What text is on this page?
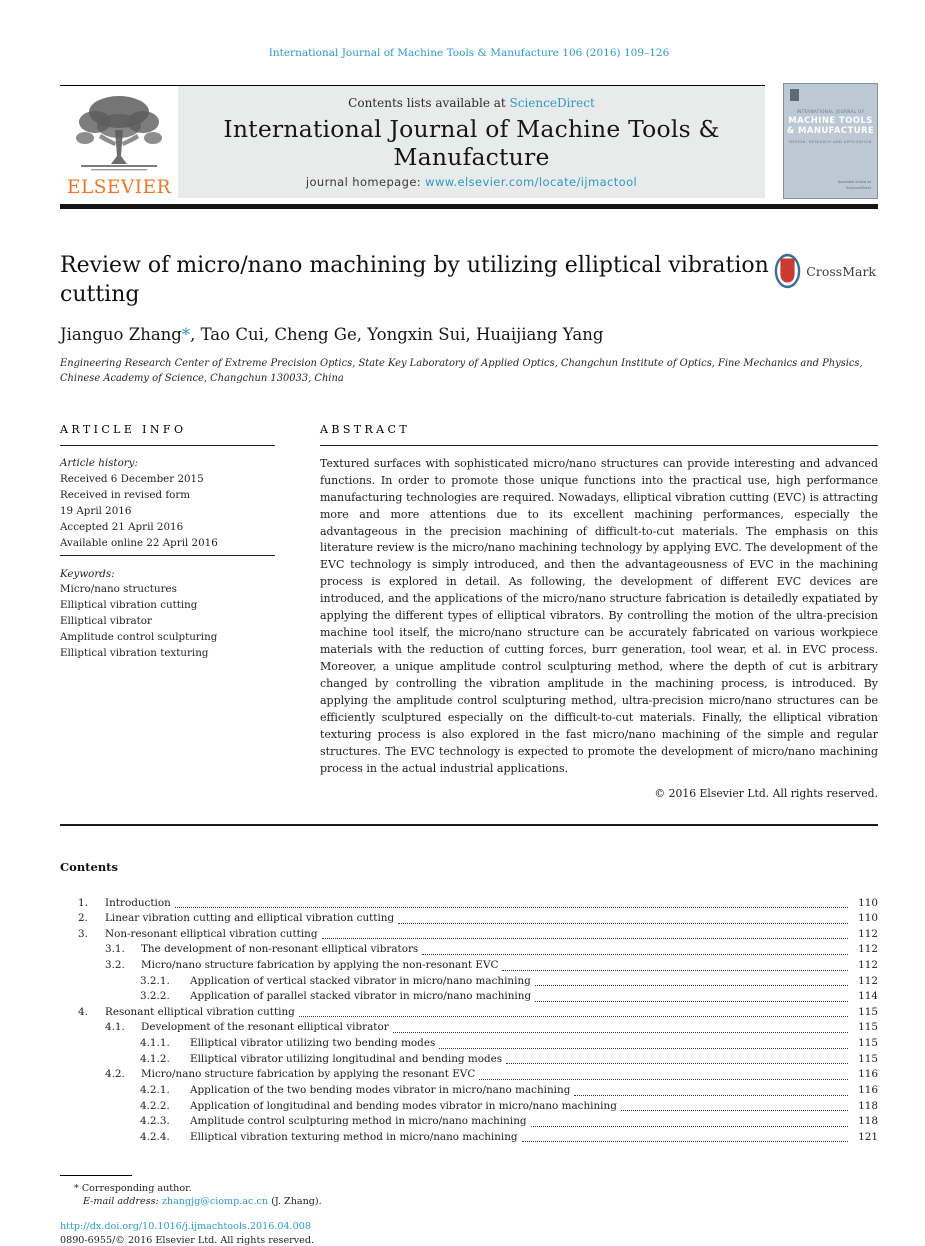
International Journal of Machine Tools & Manufacture 106 (2016) 109–126
ELSEVIER
Contents lists available at ScienceDirect
International Journal of Machine Tools & Manufacture
journal homepage: www.elsevier.com/locate/ijmactool
INTERNATIONAL JOURNAL OF
MACHINE TOOLS
& MANUFACTURE
DESIGN, RESEARCH AND APPLICATION
Available online at
ScienceDirect
Review of micro/nano machining by utilizing elliptical vibration cutting
CrossMark
Jianguo Zhang*, Tao Cui, Cheng Ge, Yongxin Sui, Huaijiang Yang
Engineering Research Center of Extreme Precision Optics, State Key Laboratory of Applied Optics, Changchun Institute of Optics, Fine Mechanics and Physics,
Chinese Academy of Science, Changchun 130033, China
ARTICLE INFO
Article history:
Received 6 December 2015
Received in revised form
19 April 2016
Accepted 21 April 2016
Available online 22 April 2016
Keywords:
Micro/nano structures
Elliptical vibration cutting
Elliptical vibrator
Amplitude control sculpturing
Elliptical vibration texturing
ABSTRACT
Textured surfaces with sophisticated micro/nano structures can provide interesting and advanced functions. In order to promote those unique functions into the practical use, high performance manufacturing technologies are required. Nowadays, elliptical vibration cutting (EVC) is attracting more and more attentions due to its excellent machining performances, especially the advantageous in the precision machining of difficult-to-cut materials. The emphasis on this literature review is the micro/nano machining technology by applying EVC. The development of the EVC technology is simply introduced, and then the advantageousness of EVC in the machining process is explored in detail. As following, the development of different EVC devices are introduced, and the applications of the micro/nano structure fabrication is detailedly expatiated by applying the different types of elliptical vibrators. By controlling the motion of the ultra-precision machine tool itself, the micro/nano structure can be accurately fabricated on various workpiece materials with the reduction of cutting forces, burr generation, tool wear, et al. in EVC process. Moreover, a unique amplitude control sculpturing method, where the depth of cut is arbitrary changed by controlling the vibration amplitude in the machining process, is introduced. By applying the amplitude control sculpturing method, ultra-precision micro/nano structures can be efficiently sculptured especially on the difficult-to-cut materials. Finally, the elliptical vibration texturing process is also explored in the fast micro/nano machining of the simple and regular structures. The EVC technology is expected to promote the development of micro/nano machining process in the actual industrial applications.
© 2016 Elsevier Ltd. All rights reserved.
Contents
1.	Introduction	110
2.	Linear vibration cutting and elliptical vibration cutting	110
3.	Non-resonant elliptical vibration cutting	112
3.1.	The development of non-resonant elliptical vibrators	112
3.2.	Micro/nano structure fabrication by applying the non-resonant EVC	112
3.2.1.	Application of vertical stacked vibrator in micro/nano machining	112
3.2.2.	Application of parallel stacked vibrator in micro/nano machining	114
4.	Resonant elliptical vibration cutting	115
4.1.	Development of the resonant elliptical vibrator	115
4.1.1.	Elliptical vibrator utilizing two bending modes	115
4.1.2.	Elliptical vibrator utilizing longitudinal and bending modes	115
4.2.	Micro/nano structure fabrication by applying the resonant EVC	116
4.2.1.	Application of the two bending modes vibrator in micro/nano machining	116
4.2.2.	Application of longitudinal and bending modes vibrator in micro/nano machining	118
4.2.3.	Amplitude control sculpturing method in micro/nano machining	118
4.2.4.	Elliptical vibration texturing method in micro/nano machining	121
* Corresponding author.
E-mail address: zhangjg@ciomp.ac.cn (J. Zhang).
http://dx.doi.org/10.1016/j.ijmachtools.2016.04.008
0890-6955/© 2016 Elsevier Ltd. All rights reserved.
